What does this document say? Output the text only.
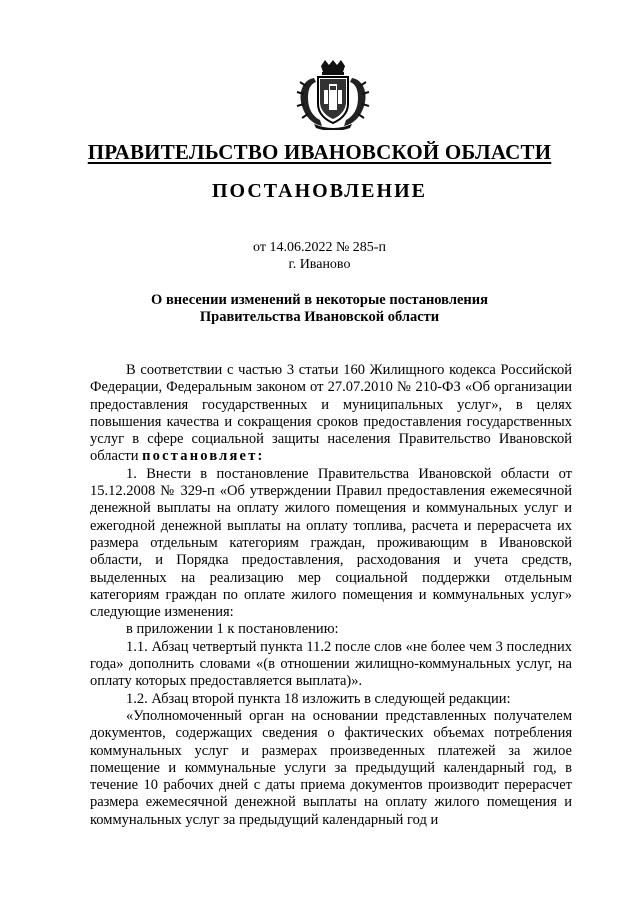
ПРАВИТЕЛЬСТВО ИВАНОВСКОЙ ОБЛАСТИ
ПОСТАНОВЛЕНИЕ
от 14.06.2022 № 285-п
г. Иваново
О внесении изменений в некоторые постановления
Правительства Ивановской области

В соответствии с частью 3 статьи 160 Жилищного кодекса Российской Федерации, Федеральным законом от 27.07.2010 № 210-ФЗ «Об организации предоставления государственных и муниципальных услуг», в целях повышения качества и сокращения сроков предоставления государственных услуг в сфере социальной защиты населения Правительство Ивановской области постановляет:

1. Внести в постановление Правительства Ивановской области от 15.12.2008 № 329-п «Об утверждении Правил предоставления ежемесячной денежной выплаты на оплату жилого помещения и коммунальных услуг и ежегодной денежной выплаты на оплату топлива, расчета и перерасчета их размера отдельным категориям граждан, проживающим в Ивановской области, и Порядка предоставления, расходования и учета средств, выделенных на реализацию мер социальной поддержки отдельным категориям граждан по оплате жилого помещения и коммунальных услуг» следующие изменения:

в приложении 1 к постановлению:

1.1. Абзац четвертый пункта 11.2 после слов «не более чем 3 последних года» дополнить словами «(в отношении жилищно-коммунальных услуг, на оплату которых предоставляется выплата)».

1.2. Абзац второй пункта 18 изложить в следующей редакции:

«Уполномоченный орган на основании представленных получателем документов, содержащих сведения о фактических объемах потребления коммунальных услуг и размерах произведенных платежей за жилое помещение и коммунальные услуги за предыдущий календарный год, в течение 10 рабочих дней с даты приема документов производит перерасчет размера ежемесячной денежной выплаты на оплату жилого помещения и коммунальных услуг за предыдущий календарный год и
